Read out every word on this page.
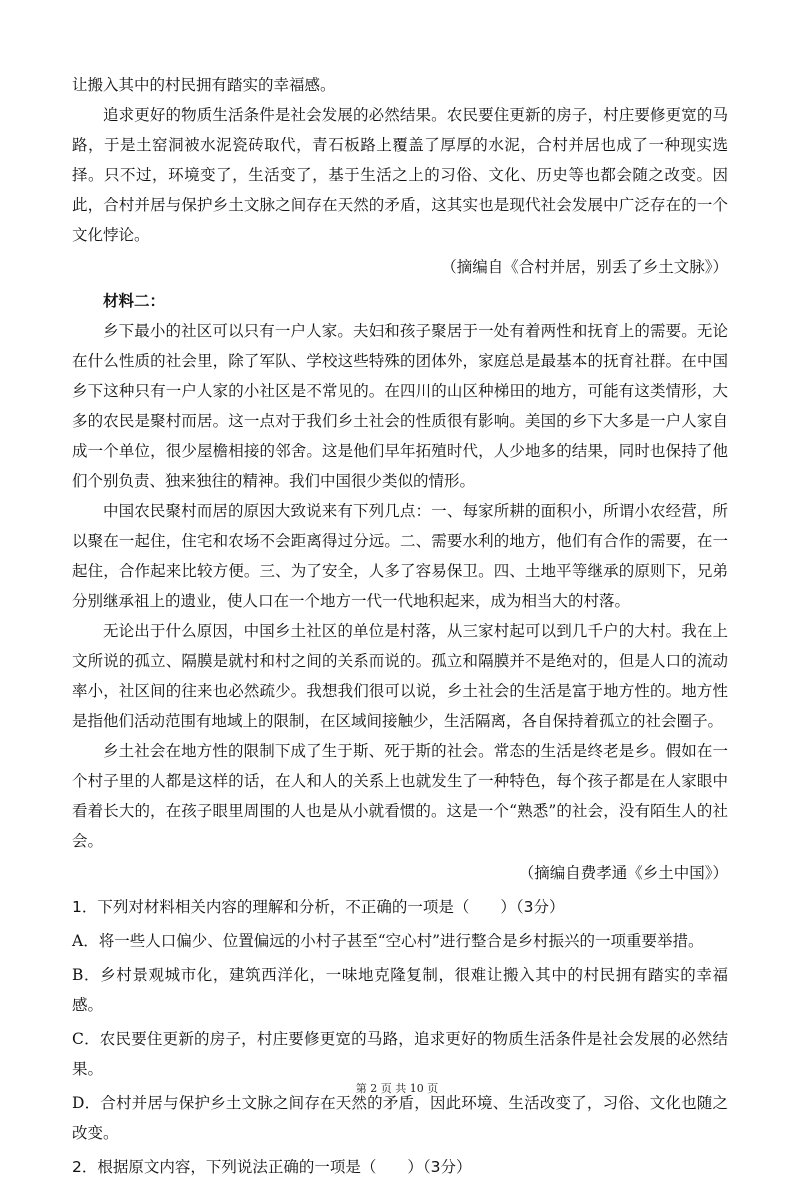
让搬入其中的村民拥有踏实的幸福感。

追求更好的物质生活条件是社会发展的必然结果。农民要住更新的房子，村庄要修更宽的马路，于是土窑洞被水泥瓷砖取代，青石板路上覆盖了厚厚的水泥，合村并居也成了一种现实选择。只不过，环境变了，生活变了，基于生活之上的习俗、文化、历史等也都会随之改变。因此，合村并居与保护乡土文脉之间存在天然的矛盾，这其实也是现代社会发展中广泛存在的一个文化悖论。

（摘编自《合村并居，别丢了乡土文脉》）

材料二：

乡下最小的社区可以只有一户人家。夫妇和孩子聚居于一处有着两性和抚育上的需要。无论在什么性质的社会里，除了军队、学校这些特殊的团体外，家庭总是最基本的抚育社群。在中国乡下这种只有一户人家的小社区是不常见的。在四川的山区种梯田的地方，可能有这类情形，大多的农民是聚村而居。这一点对于我们乡土社会的性质很有影响。美国的乡下大多是一户人家自成一个单位，很少屋檐相接的邻舍。这是他们早年拓殖时代，人少地多的结果，同时也保持了他们个别负责、独来独往的精神。我们中国很少类似的情形。

中国农民聚村而居的原因大致说来有下列几点：一、每家所耕的面积小，所谓小农经营，所以聚在一起住，住宅和农场不会距离得过分远。二、需要水利的地方，他们有合作的需要，在一起住，合作起来比较方便。三、为了安全，人多了容易保卫。四、土地平等继承的原则下，兄弟分别继承祖上的遗业，使人口在一个地方一代一代地积起来，成为相当大的村落。

无论出于什么原因，中国乡土社区的单位是村落，从三家村起可以到几千户的大村。我在上文所说的孤立、隔膜是就村和村之间的关系而说的。孤立和隔膜并不是绝对的，但是人口的流动率小，社区间的往来也必然疏少。我想我们很可以说，乡土社会的生活是富于地方性的。地方性是指他们活动范围有地域上的限制，在区域间接触少，生活隔离，各自保持着孤立的社会圈子。

乡土社会在地方性的限制下成了生于斯、死于斯的社会。常态的生活是终老是乡。假如在一个村子里的人都是这样的话，在人和人的关系上也就发生了一种特色，每个孩子都是在人家眼中看着长大的，在孩子眼里周围的人也是从小就看惯的。这是一个“熟悉”的社会，没有陌生人的社会。

（摘编自费孝通《乡土中国》）

1．下列对材料相关内容的理解和分析，不正确的一项是（　　）（3分）

A．将一些人口偏少、位置偏远的小村子甚至“空心村”进行整合是乡村振兴的一项重要举措。

B．乡村景观城市化，建筑西洋化，一味地克隆复制，很难让搬入其中的村民拥有踏实的幸福感。

C．农民要住更新的房子，村庄要修更宽的马路，追求更好的物质生活条件是社会发展的必然结果。

D．合村并居与保护乡土文脉之间存在天然的矛盾，因此环境、生活改变了，习俗、文化也随之改变。

2．根据原文内容，下列说法正确的一项是（　　）（3分）

第 2 页 共 10 页
